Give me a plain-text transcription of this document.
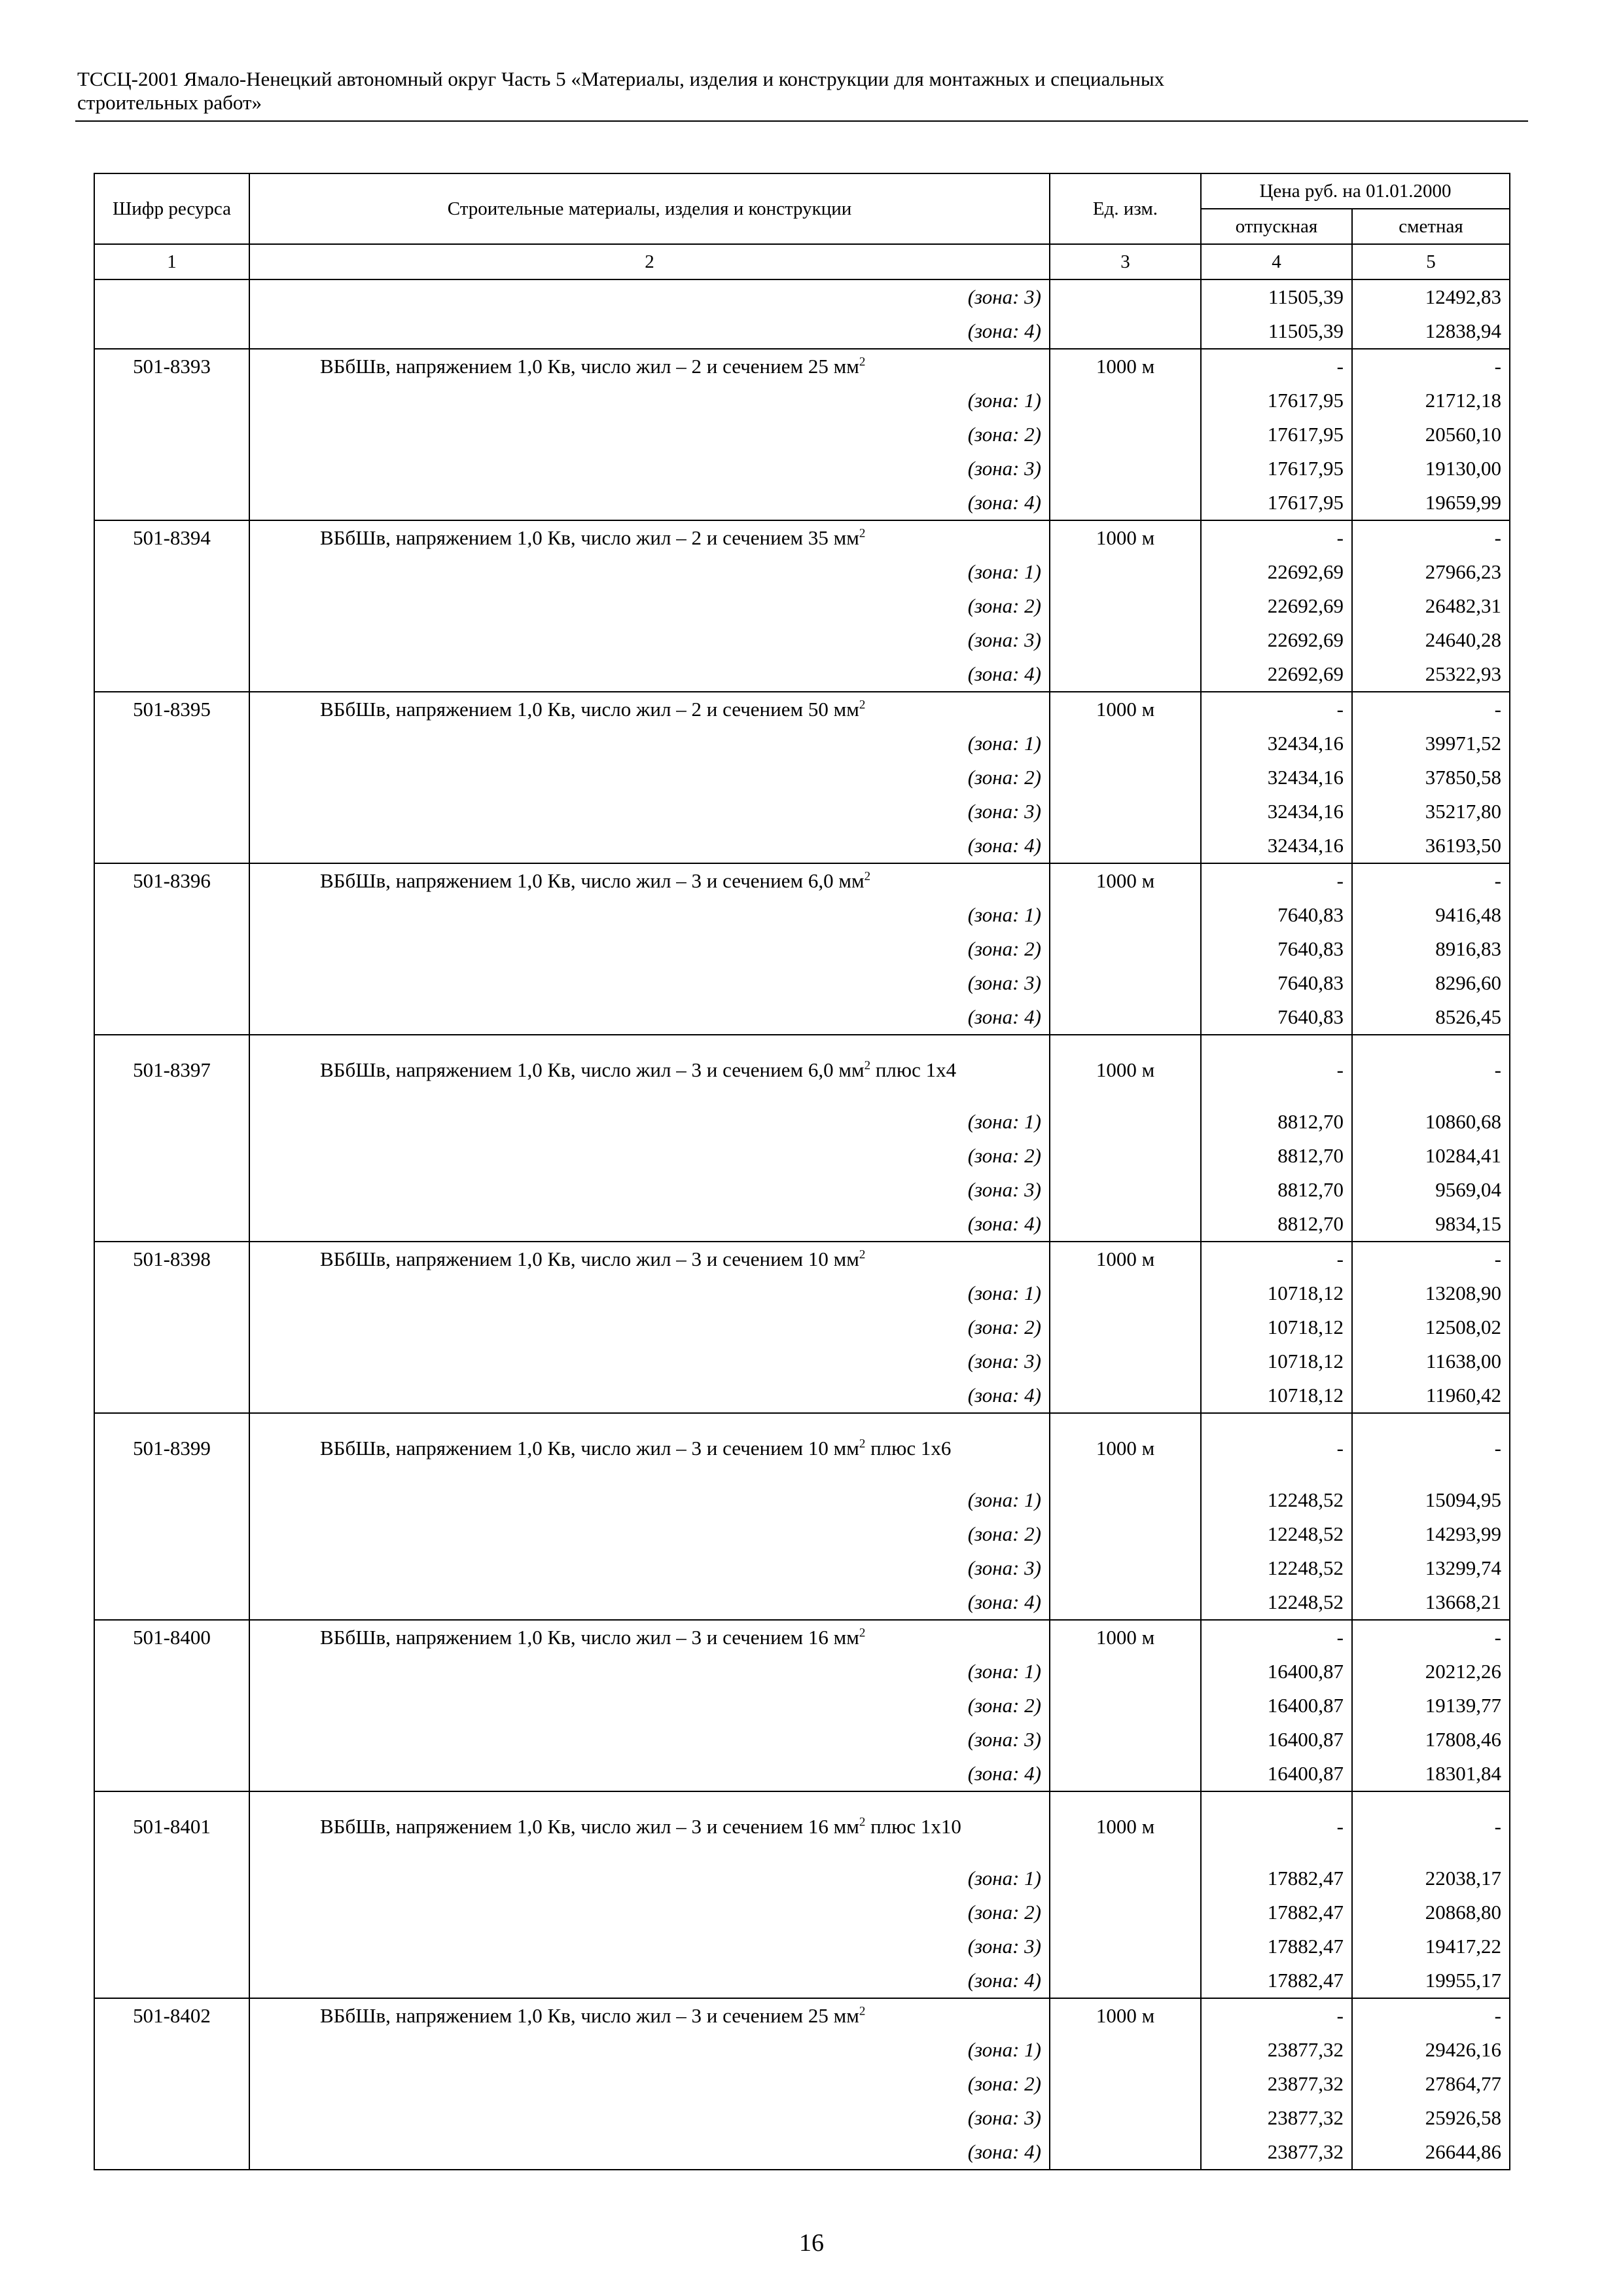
ТССЦ-2001 Ямало-Ненецкий автономный округ Часть 5 «Материалы, изделия и конструкции для монтажных и специальных
строительных работ»
Шифр ресурса	Строительные материалы, изделия и конструкции	Ед. изм.	Цена руб. на 01.01.2000	
			отпускная	сметная
1	2	3	4	5
	(зона: 3)		11505,39	12492,83
	(зона: 4)		11505,39	12838,94
501-8393	ВБбШв, напряжением 1,0 Кв, число жил – 2 и сечением 25 $мм^2$	1000 м	-	-
	(зона: 1)		17617,95	21712,18
	(зона: 2)		17617,95	20560,10
	(зона: 3)		17617,95	19130,00
	(зона: 4)		17617,95	19659,99
501-8394	ВБбШв, напряжением 1,0 Кв, число жил – 2 и сечением 35 $мм^2$	1000 м	-	-
	(зона: 1)		22692,69	27966,23
	(зона: 2)		22692,69	26482,31
	(зона: 3)		22692,69	24640,28
	(зона: 4)		22692,69	25322,93
501-8395	ВБбШв, напряжением 1,0 Кв, число жил – 2 и сечением 50 $мм^2$	1000 м	-	-
	(зона: 1)		32434,16	39971,52
	(зона: 2)		32434,16	37850,58
	(зона: 3)		32434,16	35217,80
	(зона: 4)		32434,16	36193,50
501-8396	ВБбШв, напряжением 1,0 Кв, число жил – 3 и сечением 6,0 $мм^2$	1000 м	-	-
	(зона: 1)		7640,83	9416,48
	(зона: 2)		7640,83	8916,83
	(зона: 3)		7640,83	8296,60
	(зона: 4)		7640,83	8526,45
501-8397	ВБбШв, напряжением 1,0 Кв, число жил – 3 и сечением 6,0 $мм^2$ плюс 1х4	1000 м	-	-
	(зона: 1)		8812,70	10860,68
	(зона: 2)		8812,70	10284,41
	(зона: 3)		8812,70	9569,04
	(зона: 4)		8812,70	9834,15
501-8398	ВБбШв, напряжением 1,0 Кв, число жил – 3 и сечением 10 $мм^2$	1000 м	-	-
	(зона: 1)		10718,12	13208,90
	(зона: 2)		10718,12	12508,02
	(зона: 3)		10718,12	11638,00
	(зона: 4)		10718,12	11960,42
501-8399	ВБбШв, напряжением 1,0 Кв, число жил – 3 и сечением 10 $мм^2$ плюс 1х6	1000 м	-	-
	(зона: 1)		12248,52	15094,95
	(зона: 2)		12248,52	14293,99
	(зона: 3)		12248,52	13299,74
	(зона: 4)		12248,52	13668,21
501-8400	ВБбШв, напряжением 1,0 Кв, число жил – 3 и сечением 16 $мм^2$	1000 м	-	-
	(зона: 1)		16400,87	20212,26
	(зона: 2)		16400,87	19139,77
	(зона: 3)		16400,87	17808,46
	(зона: 4)		16400,87	18301,84
501-8401	ВБбШв, напряжением 1,0 Кв, число жил – 3 и сечением 16 $мм^2$ плюс 1х10	1000 м	-	-
	(зона: 1)		17882,47	22038,17
	(зона: 2)		17882,47	20868,80
	(зона: 3)		17882,47	19417,22
	(зона: 4)		17882,47	19955,17
501-8402	ВБбШв, напряжением 1,0 Кв, число жил – 3 и сечением 25 $мм^2$	1000 м	-	-
	(зона: 1)		23877,32	29426,16
	(зона: 2)		23877,32	27864,77
	(зона: 3)		23877,32	25926,58
	(зона: 4)		23877,32	26644,86
16
